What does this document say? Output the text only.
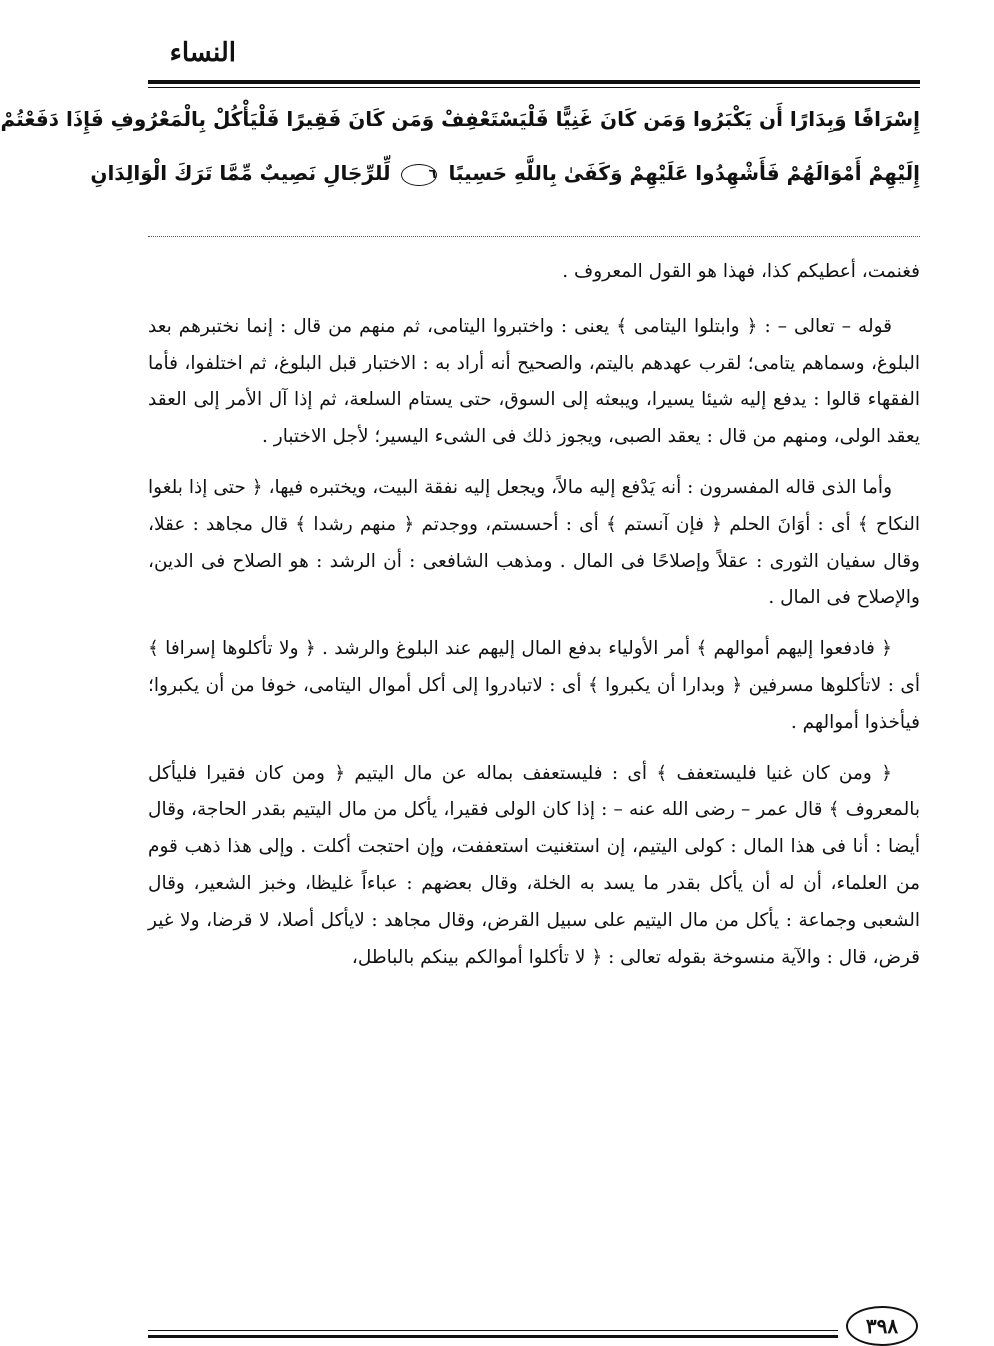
النساء
إِسْرَافًا وَبِدَارًا أَن يَكْبَرُوا وَمَن كَانَ غَنِيًّا فَلْيَسْتَعْفِفْ وَمَن كَانَ فَقِيرًا فَلْيَأْكُلْ بِالْمَعْرُوفِ فَإِذَا دَفَعْتُمْ
إِلَيْهِمْ أَمْوَالَهُمْ فَأَشْهِدُوا عَلَيْهِمْ وَكَفَىٰ بِاللَّهِ حَسِيبًا ٦ لِّلرِّجَالِ نَصِيبٌ مِّمَّا تَرَكَ الْوَالِدَانِ

فغنمت، أعطيكم كذا، فهذا هو القول المعروف .

قوله – تعالى – : ﴿ وابتلوا اليتامى ﴾ يعنى : واختبروا اليتامى، ثم منهم من قال : إنما نختبرهم بعد البلوغ، وسماهم يتامى؛ لقرب عهدهم باليتم، والصحيح أنه أراد به : الاختبار قبل البلوغ، ثم اختلفوا، فأما الفقهاء قالوا : يدفع إليه شيئا يسيرا، ويبعثه إلى السوق، حتى يستام السلعة، ثم إذا آل الأمر إلى العقد يعقد الولى، ومنهم من قال : يعقد الصبى، ويجوز ذلك فى الشىء اليسير؛ لأجل الاختبار .

وأما الذى قاله المفسرون : أنه يَدْفع إليه مالاً، ويجعل إليه نفقة البيت، ويختبره فيها، ﴿ حتى إذا بلغوا النكاح ﴾ أى : أوَانَ الحلم ﴿ فإن آنستم ﴾ أى : أحسستم، ووجدتم ﴿ منهم رشدا ﴾ قال مجاهد : عقلا، وقال سفيان الثورى : عقلاً وإصلاحًا فى المال . ومذهب الشافعى : أن الرشد : هو الصلاح فى الدين، والإصلاح فى المال .

﴿ فادفعوا إليهم أموالهم ﴾ أمر الأولياء بدفع المال إليهم عند البلوغ والرشد . ﴿ ولا تأكلوها إسرافا ﴾ أى : لاتأكلوها مسرفين ﴿ وبدارا أن يكبروا ﴾ أى : لاتبادروا إلى أكل أموال اليتامى، خوفا من أن يكبروا؛ فيأخذوا أموالهم .

﴿ ومن كان غنيا فليستعفف ﴾ أى : فليستعفف بماله عن مال اليتيم ﴿ ومن كان فقيرا فليأكل بالمعروف ﴾ قال عمر – رضى الله عنه – : إذا كان الولى فقيرا، يأكل من مال اليتيم بقدر الحاجة، وقال أيضا : أنا فى هذا المال : كولى اليتيم، إن استغنيت استعففت، وإن احتجت أكلت . وإلى هذا ذهب قوم من العلماء، أن له أن يأكل بقدر ما يسد به الخلة، وقال بعضهم : عباءاً غليظا، وخبز الشعير، وقال الشعبى وجماعة : يأكل من مال اليتيم على سبيل القرض، وقال مجاهد : لايأكل أصلا، لا قرضا، ولا غير قرض، قال : والآية منسوخة بقوله تعالى : ﴿ لا تأكلوا أموالكم بينكم بالباطل،

٣٩٨
